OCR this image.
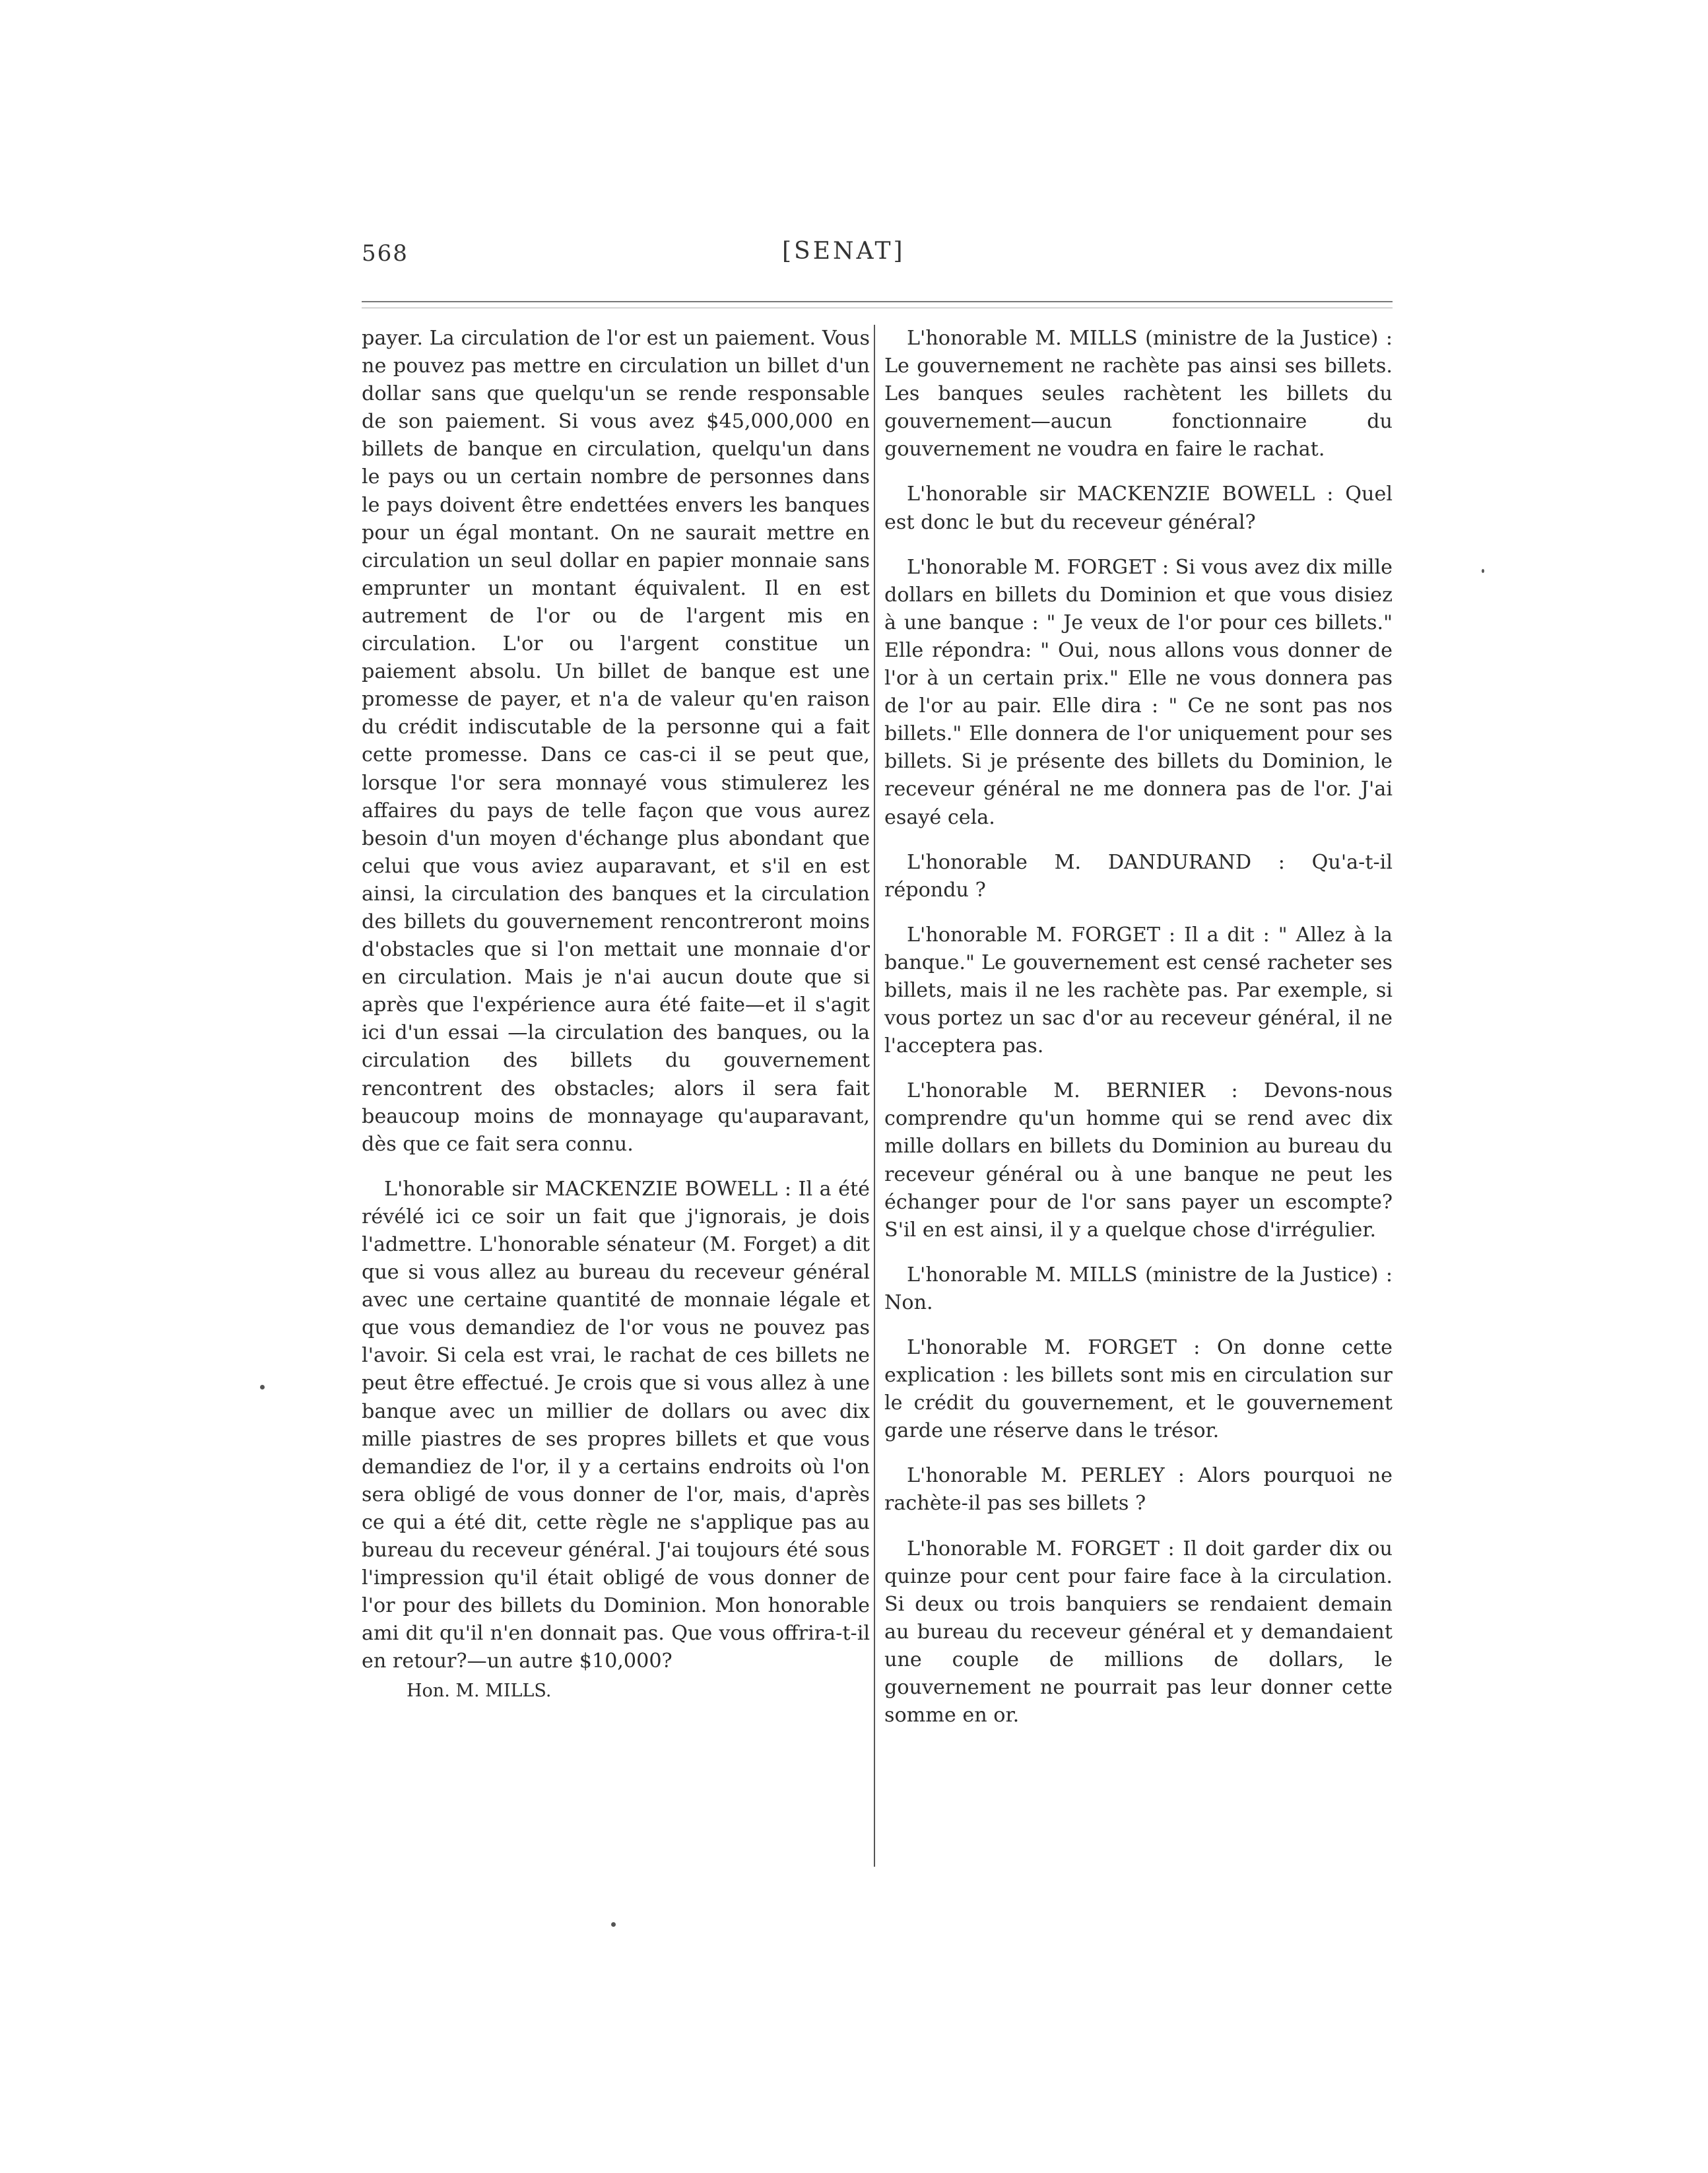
568	[SENAT]

payer. La circulation de l'or est un paiement. Vous ne pouvez pas mettre en circulation un billet d'un dollar sans que quelqu'un se rende responsable de son paiement. Si vous avez $45,000,000 en billets de banque en circulation, quelqu'un dans le pays ou un certain nombre de personnes dans le pays doivent être endettées envers les banques pour un égal montant. On ne saurait mettre en circulation un seul dollar en papier monnaie sans emprunter un montant équivalent. Il en est autrement de l'or ou de l'argent mis en circulation. L'or ou l'argent constitue un paiement absolu. Un billet de banque est une promesse de payer, et n'a de valeur qu'en raison du crédit indiscutable de la personne qui a fait cette promesse. Dans ce cas-ci il se peut que, lorsque l'or sera monnayé vous stimulerez les affaires du pays de telle façon que vous aurez besoin d'un moyen d'échange plus abondant que celui que vous aviez auparavant, et s'il en est ainsi, la circulation des banques et la circulation des billets du gouvernement rencontreront moins d'obstacles que si l'on mettait une monnaie d'or en circulation. Mais je n'ai aucun doute que si après que l'expérience aura été faite—et il s'agit ici d'un essai —la circulation des banques, ou la circulation des billets du gouvernement rencontrent des obstacles; alors il sera fait beaucoup moins de monnayage qu'auparavant, dès que ce fait sera connu.

L'honorable sir MACKENZIE BOWELL : Il a été révélé ici ce soir un fait que j'ignorais, je dois l'admettre. L'honorable sénateur (M. Forget) a dit que si vous allez au bureau du receveur général avec une certaine quantité de monnaie légale et que vous demandiez de l'or vous ne pouvez pas l'avoir. Si cela est vrai, le rachat de ces billets ne peut être effectué. Je crois que si vous allez à une banque avec un millier de dollars ou avec dix mille piastres de ses propres billets et que vous demandiez de l'or, il y a certains endroits où l'on sera obligé de vous donner de l'or, mais, d'après ce qui a été dit, cette règle ne s'applique pas au bureau du receveur général. J'ai toujours été sous l'impression qu'il était obligé de vous donner de l'or pour des billets du Dominion. Mon honorable ami dit qu'il n'en donnait pas. Que vous offrira-t-il en retour?—un autre $10,000?

Hon. M. MILLS.

L'honorable M. MILLS (ministre de la Justice) : Le gouvernement ne rachète pas ainsi ses billets. Les banques seules rachètent les billets du gouvernement—aucun fonctionnaire du gouvernement ne voudra en faire le rachat.

L'honorable sir MACKENZIE BOWELL : Quel est donc le but du receveur général?

L'honorable M. FORGET : Si vous avez dix mille dollars en billets du Dominion et que vous disiez à une banque : " Je veux de l'or pour ces billets." Elle répondra: " Oui, nous allons vous donner de l'or à un certain prix." Elle ne vous donnera pas de l'or au pair. Elle dira : " Ce ne sont pas nos billets." Elle donnera de l'or uniquement pour ses billets. Si je présente des billets du Dominion, le receveur général ne me donnera pas de l'or. J'ai esayé cela.

L'honorable M. DANDURAND : Qu'a-t-il répondu ?

L'honorable M. FORGET : Il a dit : " Allez à la banque." Le gouvernement est censé racheter ses billets, mais il ne les rachète pas. Par exemple, si vous portez un sac d'or au receveur général, il ne l'acceptera pas.

L'honorable M. BERNIER : Devons-nous comprendre qu'un homme qui se rend avec dix mille dollars en billets du Dominion au bureau du receveur général ou à une banque ne peut les échanger pour de l'or sans payer un escompte? S'il en est ainsi, il y a quelque chose d'irrégulier.

L'honorable M. MILLS (ministre de la Justice) : Non.

L'honorable M. FORGET : On donne cette explication : les billets sont mis en circulation sur le crédit du gouvernement, et le gouvernement garde une réserve dans le trésor.

L'honorable M. PERLEY : Alors pourquoi ne rachète-il pas ses billets ?

L'honorable M. FORGET : Il doit garder dix ou quinze pour cent pour faire face à la circulation. Si deux ou trois banquiers se rendaient demain au bureau du receveur général et y demandaient une couple de millions de dollars, le gouvernement ne pourrait pas leur donner cette somme en or.
